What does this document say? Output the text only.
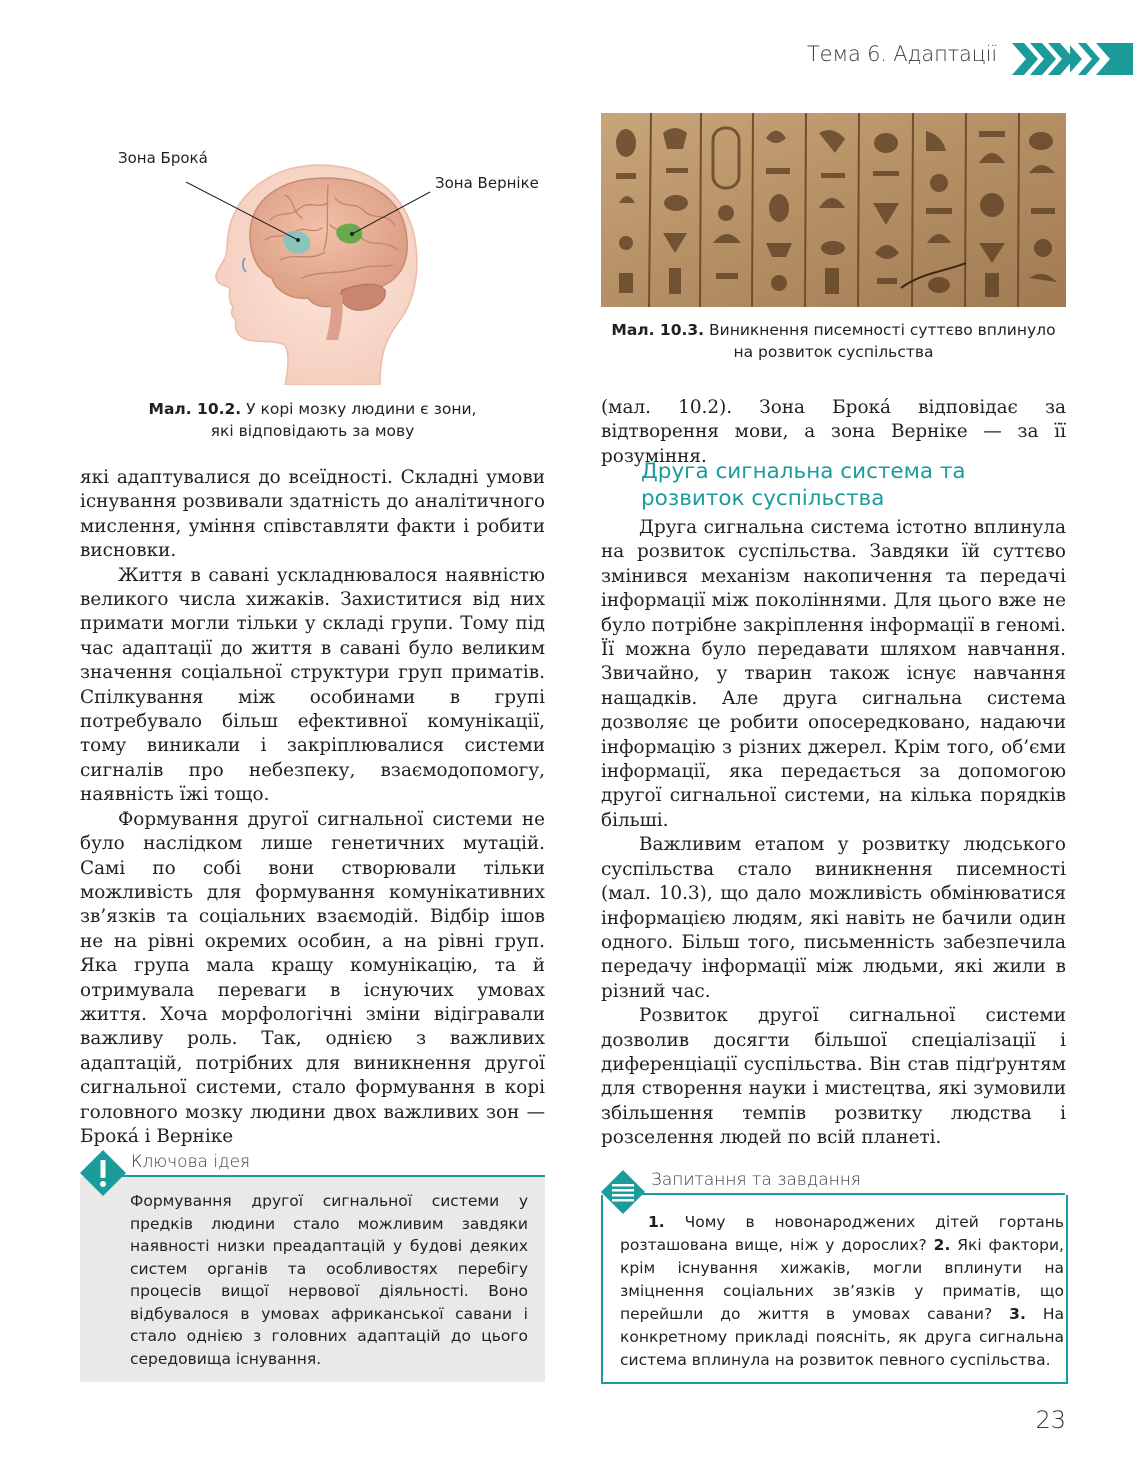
Тема 6. Адаптації
Зона Брока́
Зона Верніке
Мал. 10.2. У корі мозку людини є зони,
які відповідають за мову
Мал. 10.3. Виникнення писемності суттєво вплинуло
на розвиток суспільства

які адаптувалися до всеїдності. Складні умови існування розвивали здатність до аналітичного мислення, уміння співставляти факти і робити висновки.

Життя в савані ускладнювалося наявністю великого числа хижаків. Захиститися від них примати могли тільки у складі групи. Тому під час адаптації до життя в савані було великим значення соціальної структури груп приматів. Спілкування між особинами в групі потребувало більш ефективної комунікації, тому виникали і закріплювалися системи сигналів про небезпеку, взаємодопомогу, наявність їжі тощо.

Формування другої сигнальної системи не було наслідком лише генетичних мутацій. Самі по собі вони створювали тільки можливість для формування комунікативних зв’язків та соціальних взаємодій. Відбір ішов не на рівні окремих особин, а на рівні груп. Яка група мала кращу комунікацію, та й отримувала переваги в існуючих умовах життя. Хоча морфологічні зміни відігравали важливу роль. Так, однією з важливих адаптацій, потрібних для виникнення другої сигнальної системи, стало формування в корі головного мозку людини двох важливих зон — Брока́ і Верніке

(мал. 10.2). Зона Брока́ відповідає за відтворення мови, а зона Верніке — за її розуміння.

Друга сигнальна система та розвиток суспільства

Друга сигнальна система істотно вплинула на розвиток суспільства. Завдяки їй суттєво змінився механізм накопичення та передачі інформації між поколіннями. Для цього вже не було потрібне закріплення інформації в геномі. Її можна було передавати шляхом навчання. Звичайно, у тварин також існує навчання нащадків. Але друга сигнальна система дозволяє це робити опосередковано, надаючи інформацію з різних джерел. Крім того, об’єми інформації, яка передається за допомогою другої сигнальної системи, на кілька порядків більші.

Важливим етапом у розвитку людського суспільства стало виникнення писемності (мал. 10.3), що дало можливість обмінюватися інформацією людям, які навіть не бачили один одного. Більш того, письменність забезпечила передачу інформації між людьми, які жили в різний час.

Розвиток другої сигнальної системи дозволив досягти більшої спеціалізації і диференціації суспільства. Він став підґрунтям для створення науки і мистецтва, які зумовили збільшення темпів розвитку людства і розселення людей по всій планеті.

Ключова ідея
Формування другої сигнальної системи у предків людини стало можливим завдяки наявності низки преадаптацій у будові деяких систем органів та особливостях перебігу процесів вищої нервової діяльності. Воно відбувалося в умовах африканської савани і стало однією з головних адаптацій до цього середовища існування.
Запитання та завдання
1. Чому в новонароджених дітей гортань розташована вище, ніж у дорослих? 2. Які фактори, крім існування хижаків, могли вплинути на зміцнення соціальних зв’язків у приматів, що перейшли до життя в умовах савани? 3. На конкретному прикладі поясніть, як друга сигнальна система вплинула на розвиток певного суспільства.
23
